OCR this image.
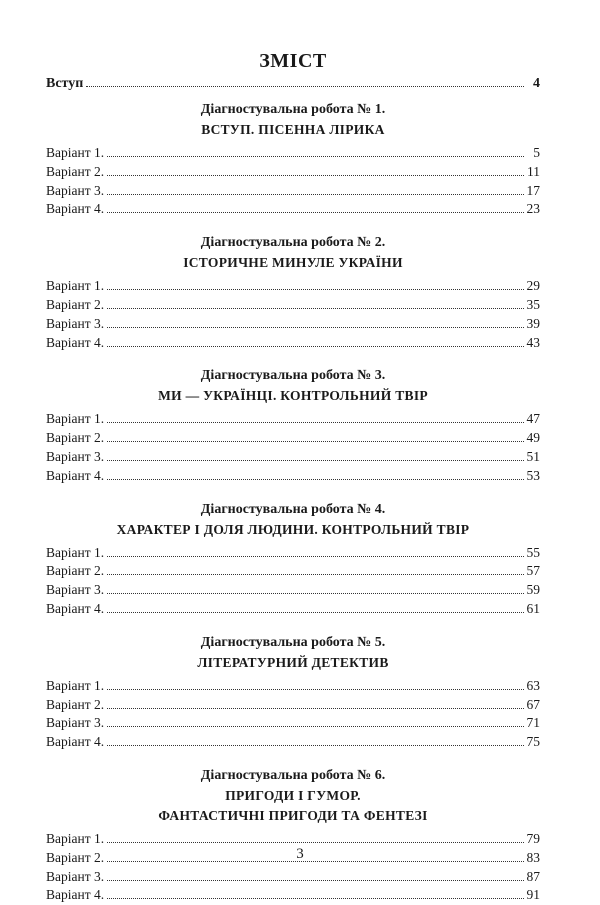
ЗМІСТ
Вступ	4
Діагностувальна робота № 1.
ВСТУП. ПІСЕННА ЛІРИКА
Варіант 1.	5
Варіант 2.	11
Варіант 3.	17
Варіант 4.	23
Діагностувальна робота № 2.
ІСТОРИЧНЕ МИНУЛЕ УКРАЇНИ
Варіант 1.	29
Варіант 2.	35
Варіант 3.	39
Варіант 4.	43
Діагностувальна робота № 3.
МИ — УКРАЇНЦІ. КОНТРОЛЬНИЙ ТВІР
Варіант 1.	47
Варіант 2.	49
Варіант 3.	51
Варіант 4.	53
Діагностувальна робота № 4.
ХАРАКТЕР І ДОЛЯ ЛЮДИНИ. КОНТРОЛЬНИЙ ТВІР
Варіант 1.	55
Варіант 2.	57
Варіант 3.	59
Варіант 4.	61
Діагностувальна робота № 5.
ЛІТЕРАТУРНИЙ ДЕТЕКТИВ
Варіант 1.	63
Варіант 2.	67
Варіант 3.	71
Варіант 4.	75
Діагностувальна робота № 6.
ПРИГОДИ І ГУМОР.
ФАНТАСТИЧНІ ПРИГОДИ ТА ФЕНТЕЗІ
Варіант 1.	79
Варіант 2.	83
Варіант 3.	87
Варіант 4.	91
3
